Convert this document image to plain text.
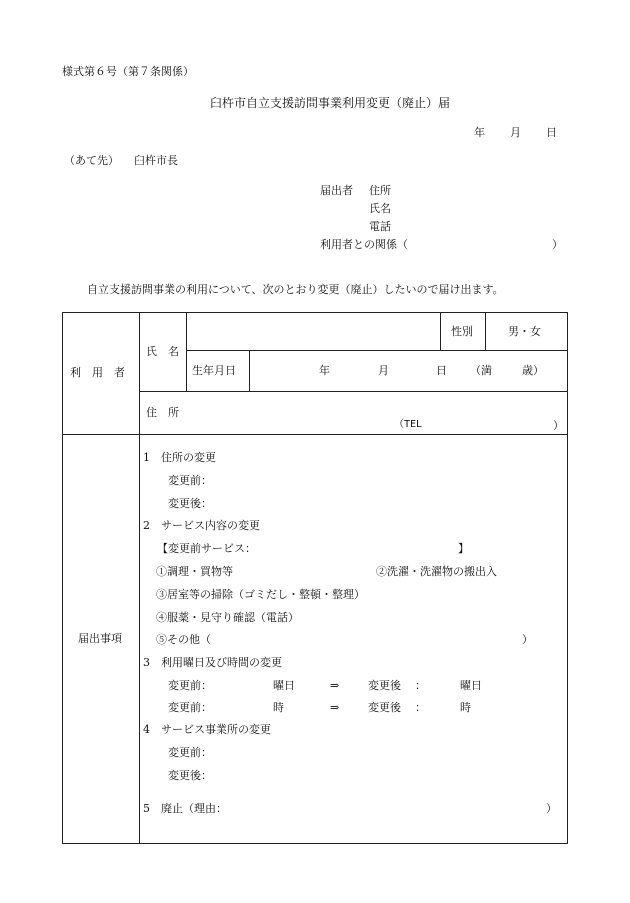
様式第６号（第７条関係）
臼杵市自立支援訪問事業利用変更（廃止）届
年 月 日
（あて先） 臼杵市長
届出者 住所
氏名
電話
利用者との関係（	）
自立支援訪問事業の利用について、次のとおり変更（廃止）したいので届け出ます。
利　用　者
氏　名
性別	男・女
生年月日	年	月	日 （満	歳）
住　所
（TEL	）
届出事項
1　住所の変更
変更前：
変更後：
2　サービス内容の変更
【変更前サービス：	】
①調理・買物等	②洗濯・洗濯物の搬出入
③居室等の掃除（ゴミだし・整頓・整理）
④服薬・見守り確認（電話）
⑤その他（	）
3　利用曜日及び時間の変更
変更前：	曜日	⇒	変更後 ：	曜日
変更前：	時	⇒	変更後 ：	時
4　サービス事業所の変更
変更前：
変更後：
5　廃止（理由：	）
